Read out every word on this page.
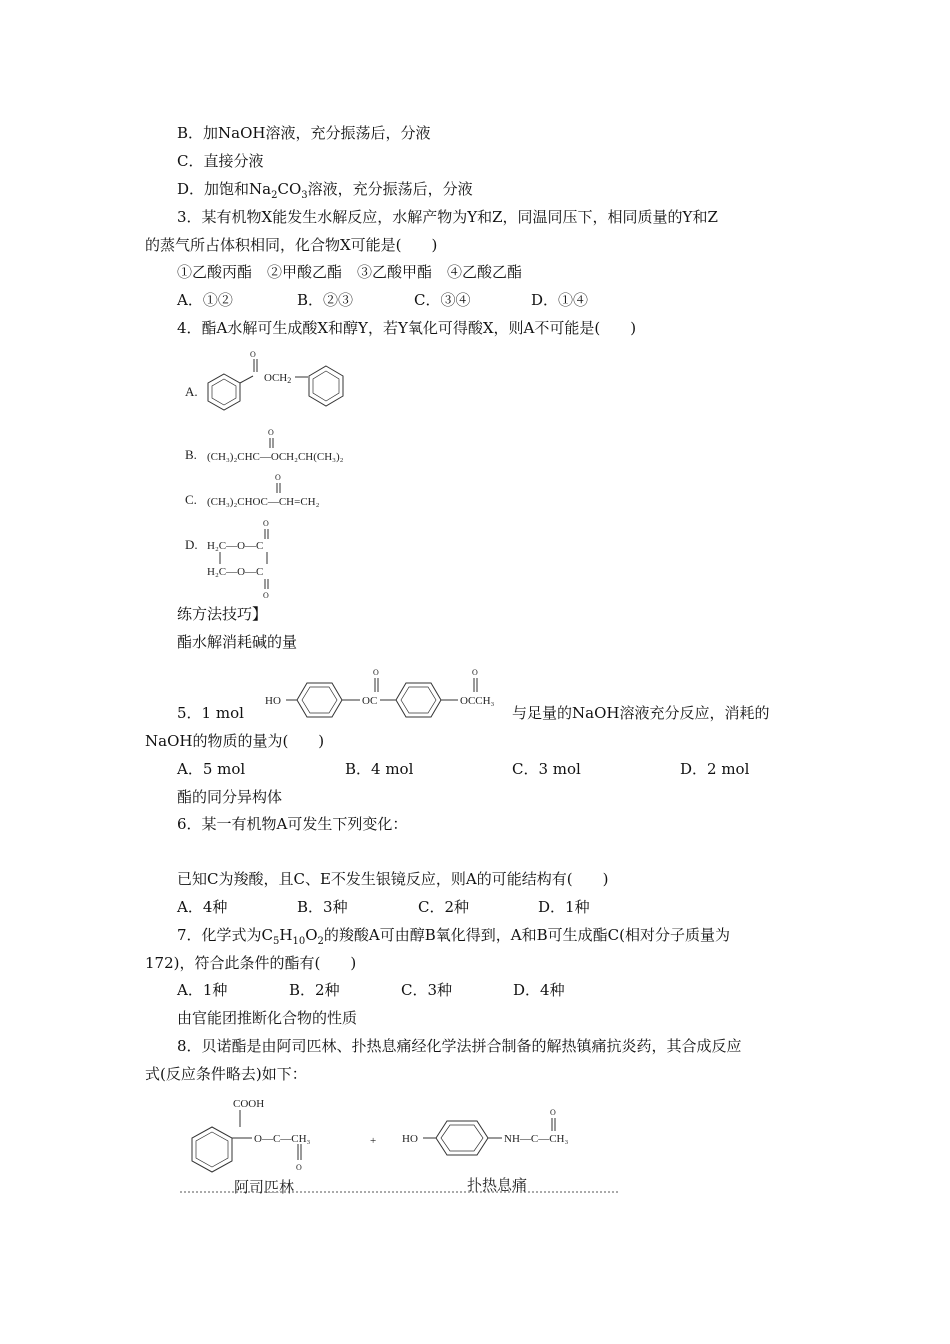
B．加NaOH溶液，充分振荡后，分液

C．直接分液

D．加饱和$Na_2CO_3$溶液，充分振荡后，分液

3．某有机物X能发生水解反应，水解产物为Y和Z，同温同压下，相同质量的Y和Z

的蒸气所占体积相同，化合物X可能是(　　)

①乙酸丙酯　②甲酸乙酯　③乙酸甲酯　④乙酸乙酯

A．①②	B．②③	C．③④	D．①④

4．酯A水解可生成酸X和醇Y，若Y氧化可得酸X，则A不可能是(　　)

A.
O
OCH2
B.
O
(CH₃)₂CHC—OCH₂CH(CH₃)₂
C.
O
(CH₃)₂CHOC—CH=CH₂
D.
O
H₂C—O—C
H₂C—O—C
O

练方法技巧】

酯水解消耗碱的量

5．1 mol

HO
O
OC
O
OCCH₃

与足量的NaOH溶液充分反应，消耗的

NaOH的物质的量为(　　)

A．5 mol	B．4 mol	C．3 mol	D．2 mol

酯的同分异构体

6．某一有机物A可发生下列变化：

已知C为羧酸，且C、E不发生银镜反应，则A的可能结构有(　　)

A．4种	B．3种	C．2种	D．1种

7．化学式为$C_5H_{10}O_2$的羧酸A可由醇B氧化得到，A和B可生成酯C(相对分子质量为

172)，符合此条件的酯有(　　)

A．1种	B．2种	C．3种	D．4种

由官能团推断化合物的性质

8．贝诺酯是由阿司匹林、扑热息痛经化学法拼合制备的解热镇痛抗炎药，其合成反应

式(反应条件略去)如下：

COOH
O—C—CH₃
O
+ HO
O
NH—C—CH₃
阿司匹林	扑热息痛
